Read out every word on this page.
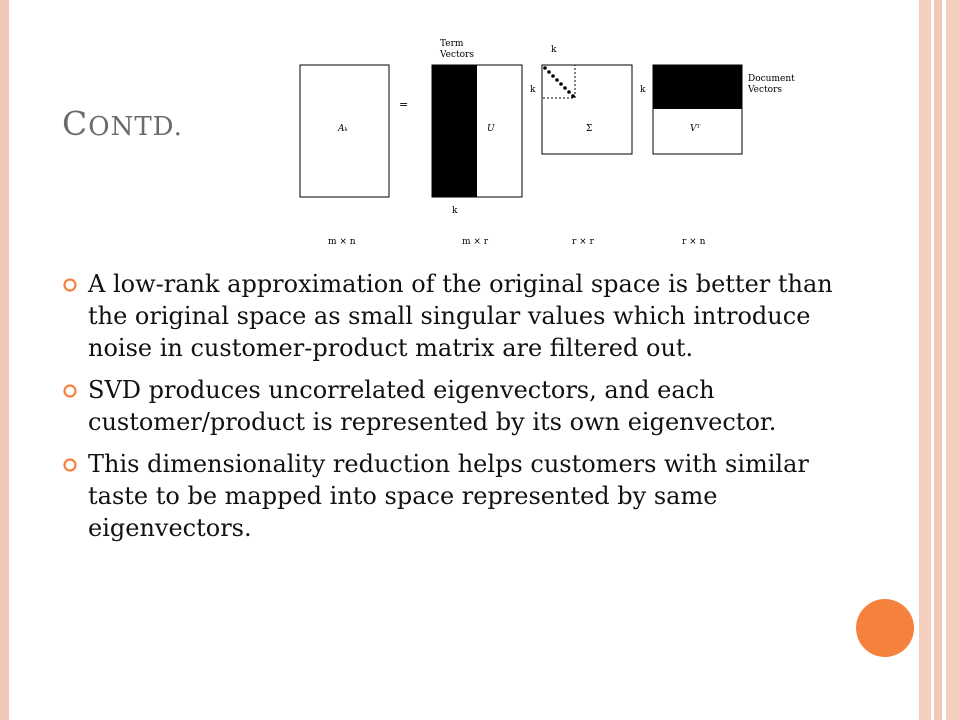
CONTD.	Aₖ
=
Term
Vectors
U
k
k
k
Σ
k
Vᵀ
Document
Vectors
m × n	m × r	r × r	r × n
A low-rank approximation of the original space is better than the original space as small singular values which introduce noise in customer-product matrix are filtered out.
SVD produces uncorrelated eigenvectors, and each customer/product is represented by its own eigenvector.
This dimensionality reduction helps customers with similar taste to be mapped into space represented by same eigenvectors.
